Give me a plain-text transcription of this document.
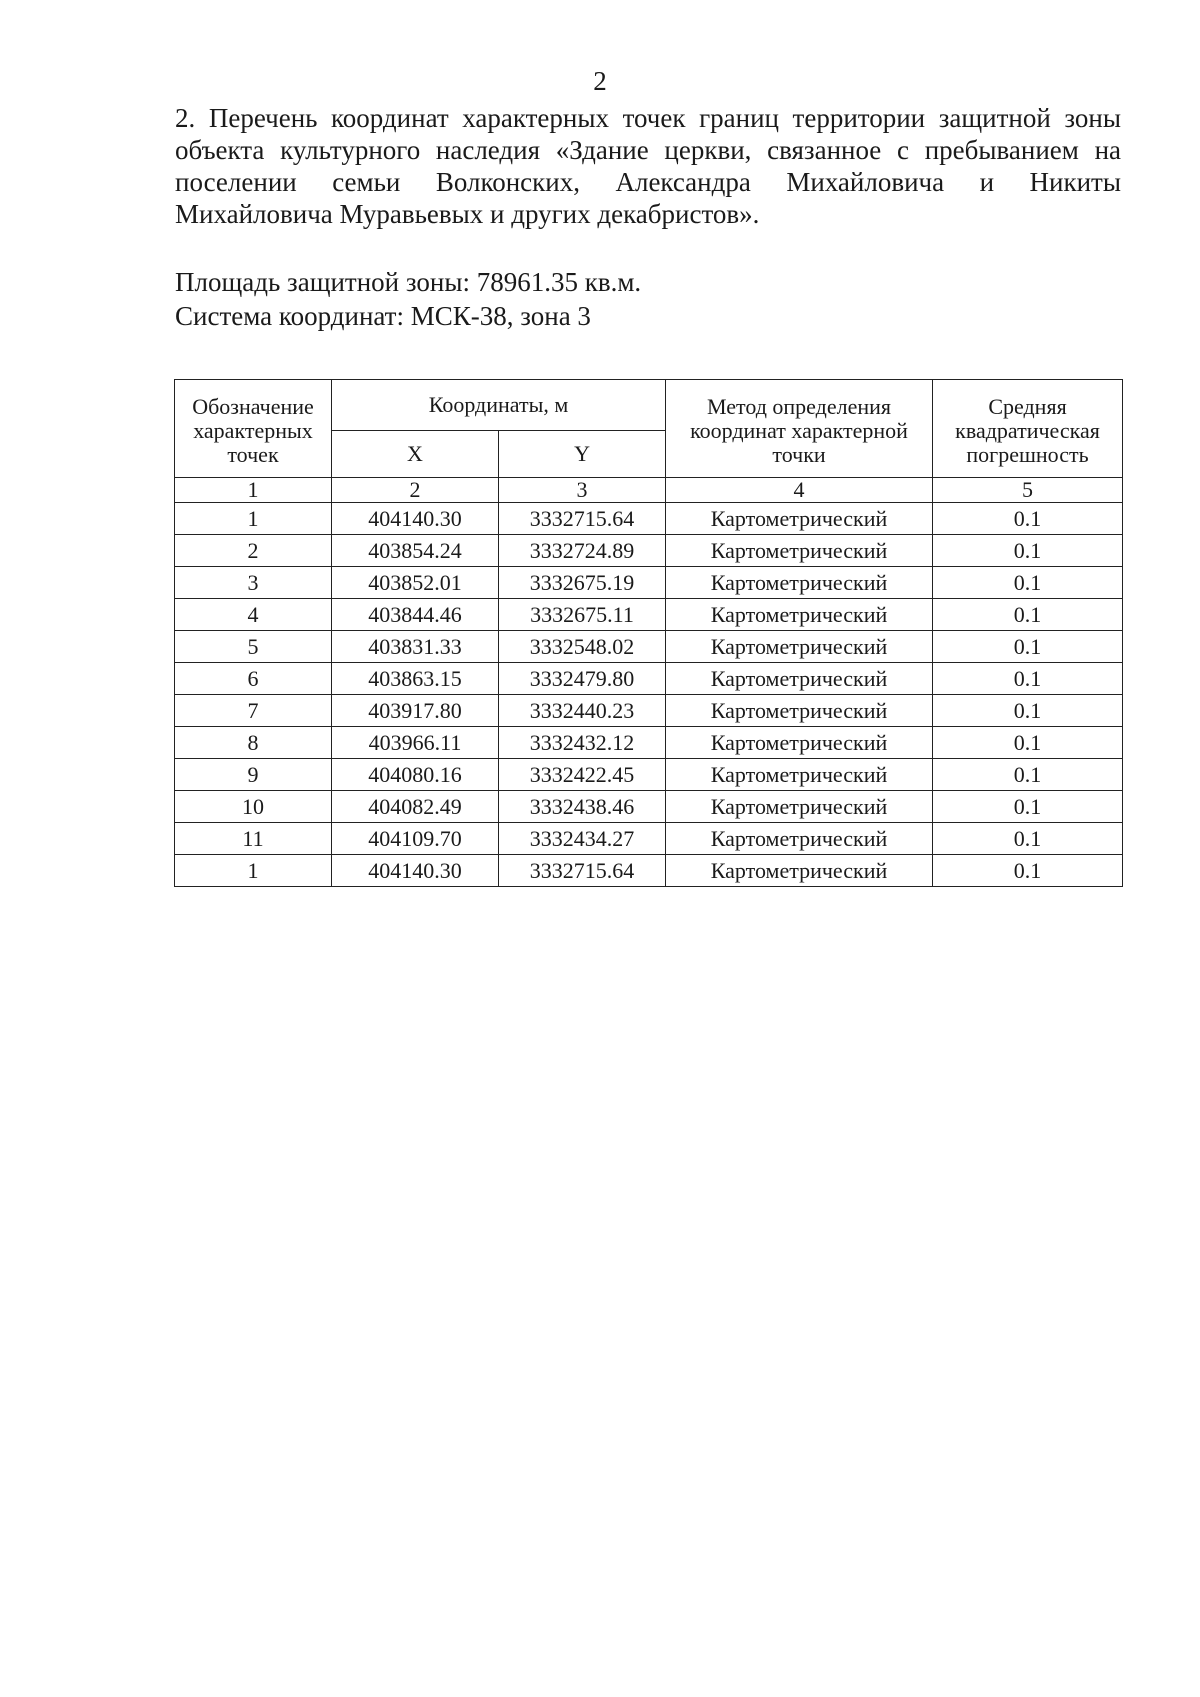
2

2. Перечень координат характерных точек границ территории защитной зоны
объекта культурного наследия «Здание церкви, связанное с пребыванием на
поселении семьи Волконских, Александра Михайловича и Никиты
Михайловича Муравьевых и других декабристов».

Площадь защитной зоны: 78961.35 кв.м.

Система координат: МСК-38, зона 3

Обозначение характерных точек	Координаты, м		Метод определения координат характерной точки	Средняя квадратическая погрешность
	X	Y		
1	2	3	4	5
1	404140.30	3332715.64	Картометрический	0.1
2	403854.24	3332724.89	Картометрический	0.1
3	403852.01	3332675.19	Картометрический	0.1
4	403844.46	3332675.11	Картометрический	0.1
5	403831.33	3332548.02	Картометрический	0.1
6	403863.15	3332479.80	Картометрический	0.1
7	403917.80	3332440.23	Картометрический	0.1
8	403966.11	3332432.12	Картометрический	0.1
9	404080.16	3332422.45	Картометрический	0.1
10	404082.49	3332438.46	Картометрический	0.1
11	404109.70	3332434.27	Картометрический	0.1
1	404140.30	3332715.64	Картометрический	0.1
